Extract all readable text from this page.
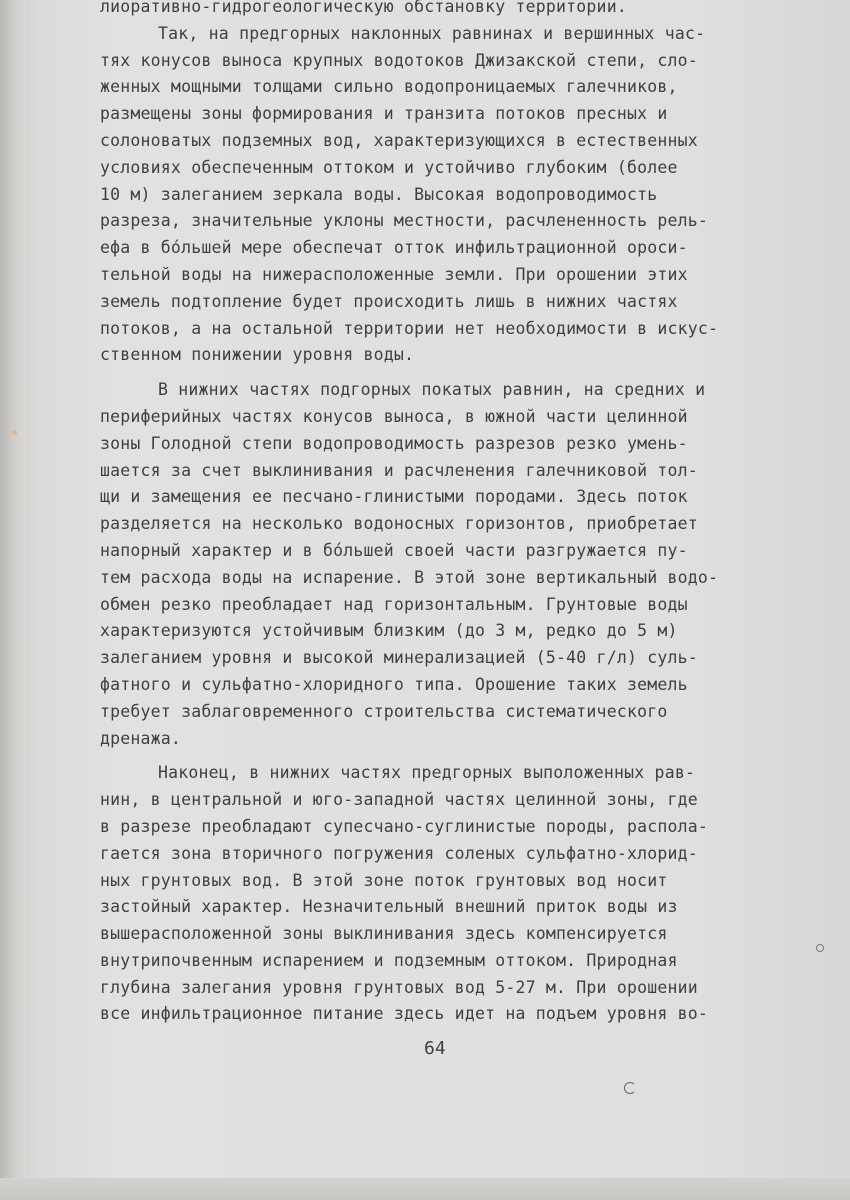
лиоративно-гидрогеологическую обстановку территории.
Так, на предгорных наклонных равнинах и вершинных час-
тях конусов выноса крупных водотоков Джизакской степи, сло-
женных мощными толщами сильно водопроницаемых галечников,
размещены зоны формирования и транзита потоков пресных и
солоноватых подземных вод, характеризующихся в естественных
условиях обеспеченным оттоком и устойчиво глубоким (более
10 м) залеганием зеркала воды. Высокая водопроводимость
разреза, значительные уклоны местности, расчлененность рель-
ефа в бо́льшей мере обеспечат отток инфильтрационной ороси-
тельной воды на нижерасположенные земли. При орошении этих
земель подтопление будет происходить лишь в нижних частях
потоков, а на остальной территории нет необходимости в искус-
ственном понижении уровня воды.
В нижних частях подгорных покатых равнин, на средних и
периферийных частях конусов выноса, в южной части целинной
зоны Голодной степи водопроводимость разрезов резко умень-
шается за счет выклинивания и расчленения галечниковой тол-
щи и замещения ее песчано-глинистыми породами. Здесь поток
разделяется на несколько водоносных горизонтов, приобретает
напорный характер и в бо́льшей своей части разгружается пу-
тем расхода воды на испарение. В этой зоне вертикальный водо-
обмен резко преобладает над горизонтальным. Грунтовые воды
характеризуются устойчивым близким (до 3 м, редко до 5 м)
залеганием уровня и высокой минерализацией (5-40 г/л) суль-
фатного и сульфатно-хлоридного типа. Орошение таких земель
требует заблаговременного строительства систематического
дренажа.
Наконец, в нижних частях предгорных выположенных рав-
нин, в центральной и юго-западной частях целинной зоны, где
в разрезе преобладают супесчано-суглинистые породы, распола-
гается зона вторичного погружения соленых сульфатно-хлорид-
ных грунтовых вод. В этой зоне поток грунтовых вод носит
застойный характер. Незначительный внешний приток воды из
вышерасположенной зоны выклинивания здесь компенсируется
внутрипочвенным испарением и подземным оттоком. Природная
глубина залегания уровня грунтовых вод 5-27 м. При орошении
все инфильтрационное питание здесь идет на подъем уровня во-
64
